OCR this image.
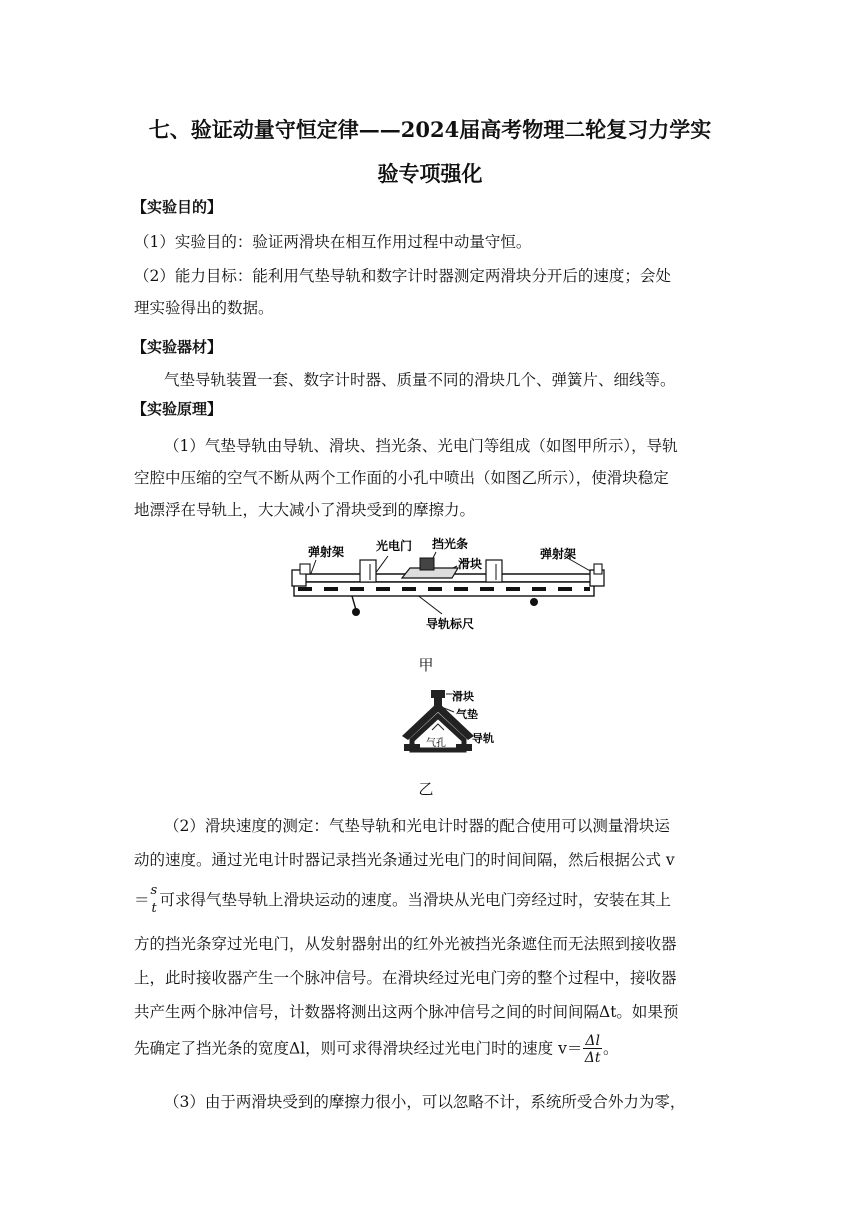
七、验证动量守恒定律——2024届高考物理二轮复习力学实
验专项强化
【实验目的】
（1）实验目的：验证两滑块在相互作用过程中动量守恒。
（2）能力目标：能利用气垫导轨和数字计时器测定两滑块分开后的速度；会处
理实验得出的数据。
【实验器材】
气垫导轨装置一套、数字计时器、质量不同的滑块几个、弹簧片、细线等。
【实验原理】
（1）气垫导轨由导轨、滑块、挡光条、光电门等组成（如图甲所示），导轨
空腔中压缩的空气不断从两个工作面的小孔中喷出（如图乙所示），使滑块稳定
地漂浮在导轨上，大大减小了滑块受到的摩擦力。
弹射架	光电门 挡光条
滑块
弹射架
导轨标尺
甲
滑块
气垫
导轨
气孔
乙
（2）滑块速度的测定：气垫导轨和光电计时器的配合使用可以测量滑块运
动的速度。通过光电计时器记录挡光条通过光电门的时间间隔，然后根据公式 v
＝
s
t 可求得气垫导轨上滑块运动的速度。当滑块从光电门旁经过时，安装在其上
方的挡光条穿过光电门，从发射器射出的红外光被挡光条遮住而无法照到接收器
上，此时接收器产生一个脉冲信号。在滑块经过光电门旁的整个过程中，接收器
共产生两个脉冲信号，计数器将测出这两个脉冲信号之间的时间间隔Δt。如果预
先确定了挡光条的宽度Δl，则可求得滑块经过光电门时的速度 $v= \frac{\Delta l}{\Delta t}$ 。
（3）由于两滑块受到的摩擦力很小，可以忽略不计，系统所受合外力为零，
